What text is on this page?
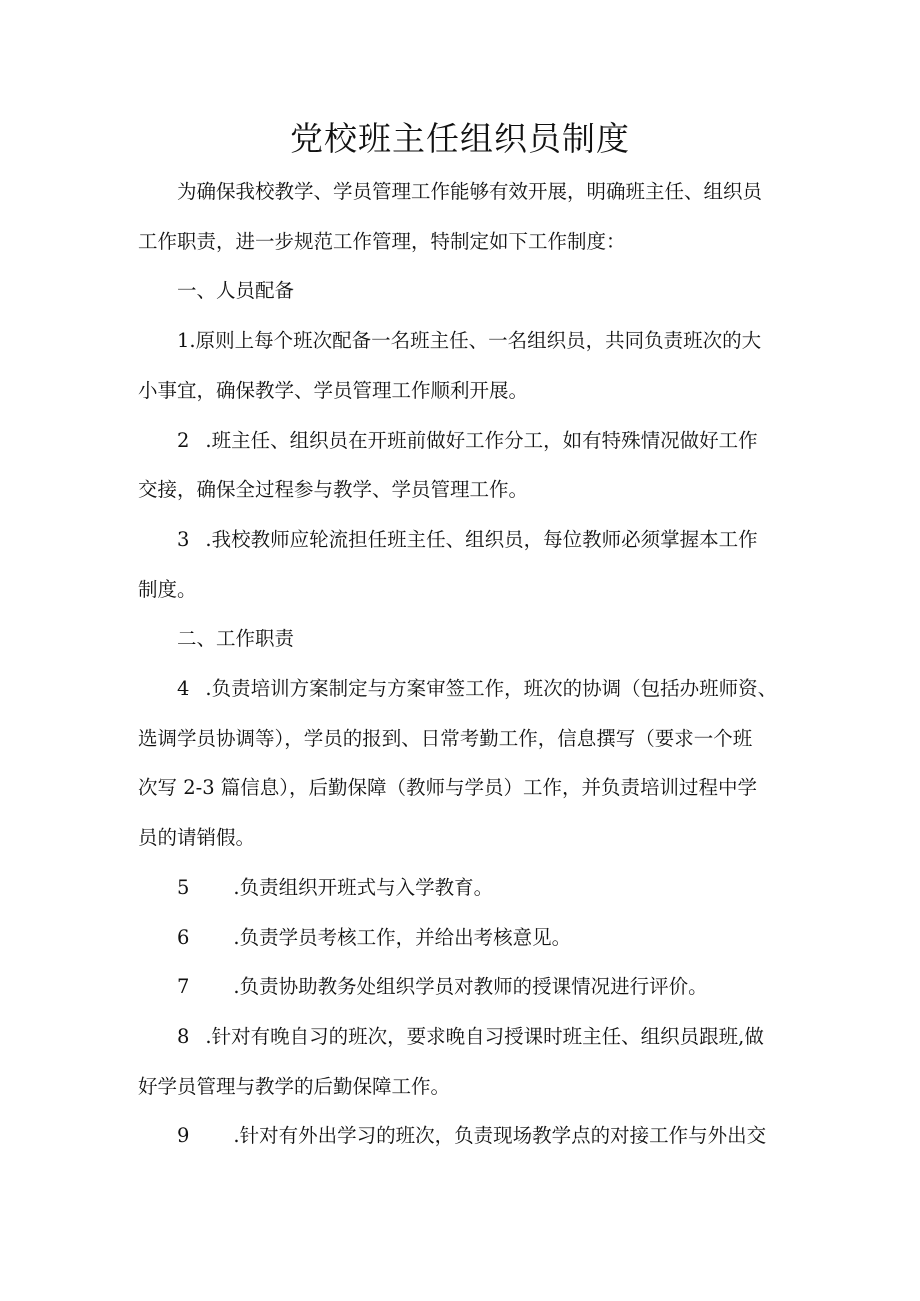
党校班主任组织员制度

为确保我校教学、学员管理工作能够有效开展，明确班主任、组织员
工作职责，进一步规范工作管理，特制定如下工作制度：

一、人员配备

1.原则上每个班次配备一名班主任、一名组织员，共同负责班次的大
小事宜，确保教学、学员管理工作顺利开展。

2 .班主任、组织员在开班前做好工作分工，如有特殊情况做好工作
交接，确保全过程参与教学、学员管理工作。

3 .我校教师应轮流担任班主任、组织员，每位教师必须掌握本工作
制度。

二、工作职责

4 .负责培训方案制定与方案审签工作，班次的协调（包括办班师资、
选调学员协调等），学员的报到、日常考勤工作，信息撰写（要求一个班
次写 2-3 篇信息），后勤保障（教师与学员）工作，并负责培训过程中学
员的请销假。

5 .负责组织开班式与入学教育。

6 .负责学员考核工作，并给出考核意见。

7 .负责协助教务处组织学员对教师的授课情况进行评价。

8 .针对有晚自习的班次，要求晚自习授课时班主任、组织员跟班,做
好学员管理与教学的后勤保障工作。

9 .针对有外出学习的班次，负责现场教学点的对接工作与外出交
